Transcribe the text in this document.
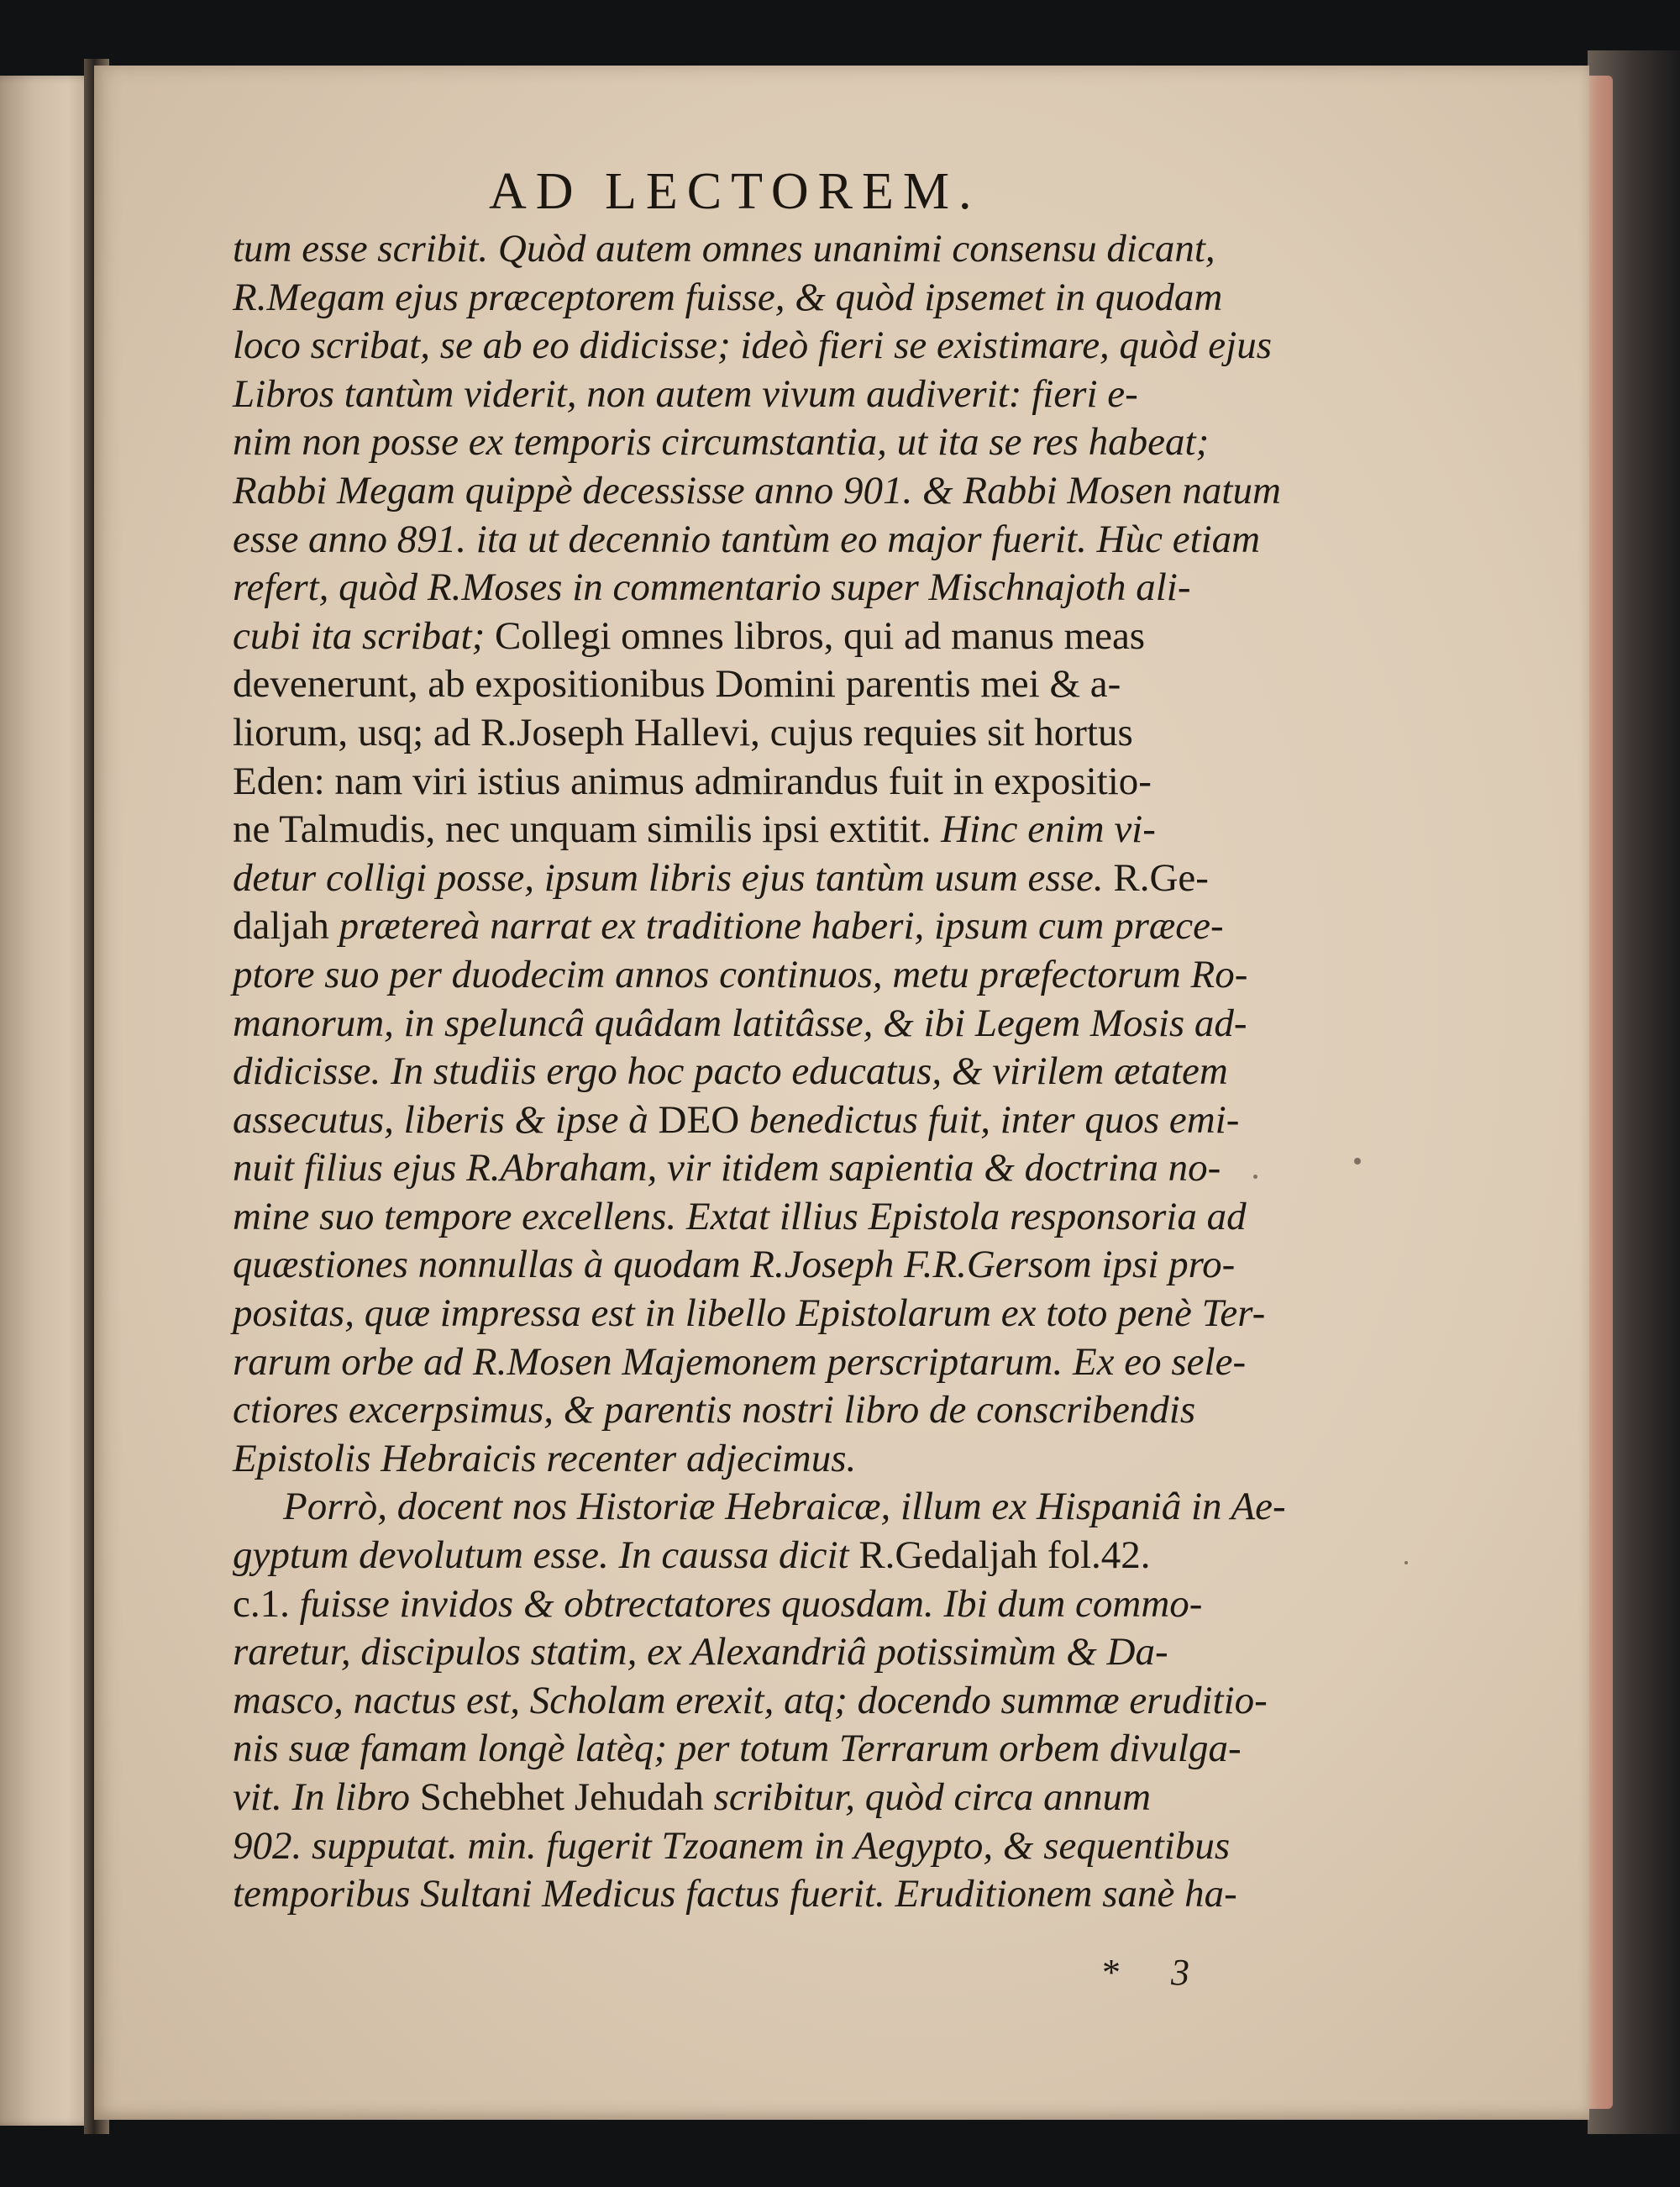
AD LECTOREM.
tum esse scribit. Quòd autem omnes unanimi consensu dicant,
R.Megam ejus præceptorem fuisse, & quòd ipsemet in quodam
loco scribat, se ab eo didicisse; ideò fieri se existimare, quòd ejus
Libros tantùm viderit, non autem vivum audiverit: fieri e-
nim non posse ex temporis circumstantia, ut ita se res habeat;
Rabbi Megam quippè decessisse anno 901. & Rabbi Mosen natum
esse anno 891. ita ut decennio tantùm eo major fuerit. Hùc etiam
refert, quòd R.Moses in commentario super Mischnajoth ali-
cubi ita scribat; Collegi omnes libros, qui ad manus meas
devenerunt, ab expositionibus Domini parentis mei & a-
liorum, usq; ad R.Joseph Hallevi, cujus requies sit hortus
Eden: nam viri istius animus admirandus fuit in expositio-
ne Talmudis, nec unquam similis ipsi extitit. Hinc enim vi-
detur colligi posse, ipsum libris ejus tantùm usum esse. R.Ge-
daljah prætereà narrat ex traditione haberi, ipsum cum præce-
ptore suo per duodecim annos continuos, metu præfectorum Ro-
manorum, in speluncâ quâdam latitâsse, & ibi Legem Mosis ad-
didicisse. In studiis ergo hoc pacto educatus, & virilem ætatem
assecutus, liberis & ipse à DEO benedictus fuit, inter quos emi-
nuit filius ejus R.Abraham, vir itidem sapientia & doctrina no-
mine suo tempore excellens. Extat illius Epistola responsoria ad
quæstiones nonnullas à quodam R.Joseph F.R.Gersom ipsi pro-
positas, quæ impressa est in libello Epistolarum ex toto penè Ter-
rarum orbe ad R.Mosen Majemonem perscriptarum. Ex eo sele-
ctiores excerpsimus, & parentis nostri libro de conscribendis
Epistolis Hebraicis recenter adjecimus.
Porrò, docent nos Historiæ Hebraicæ, illum ex Hispaniâ in Ae-
gyptum devolutum esse. In caussa dicit R.Gedaljah fol.42.
c.1. fuisse invidos & obtrectatores quosdam. Ibi dum commo-
raretur, discipulos statim, ex Alexandriâ potissimùm & Da-
masco, nactus est, Scholam erexit, atq; docendo summæ eruditio-
nis suæ famam longè latèq; per totum Terrarum orbem divulga-
vit. In libro Schebhet Jehudah scribitur, quòd circa annum
902. supputat. min. fugerit Tzoanem in Aegypto, & sequentibus
temporibus Sultani Medicus factus fuerit. Eruditionem sanè ha-
* 3
